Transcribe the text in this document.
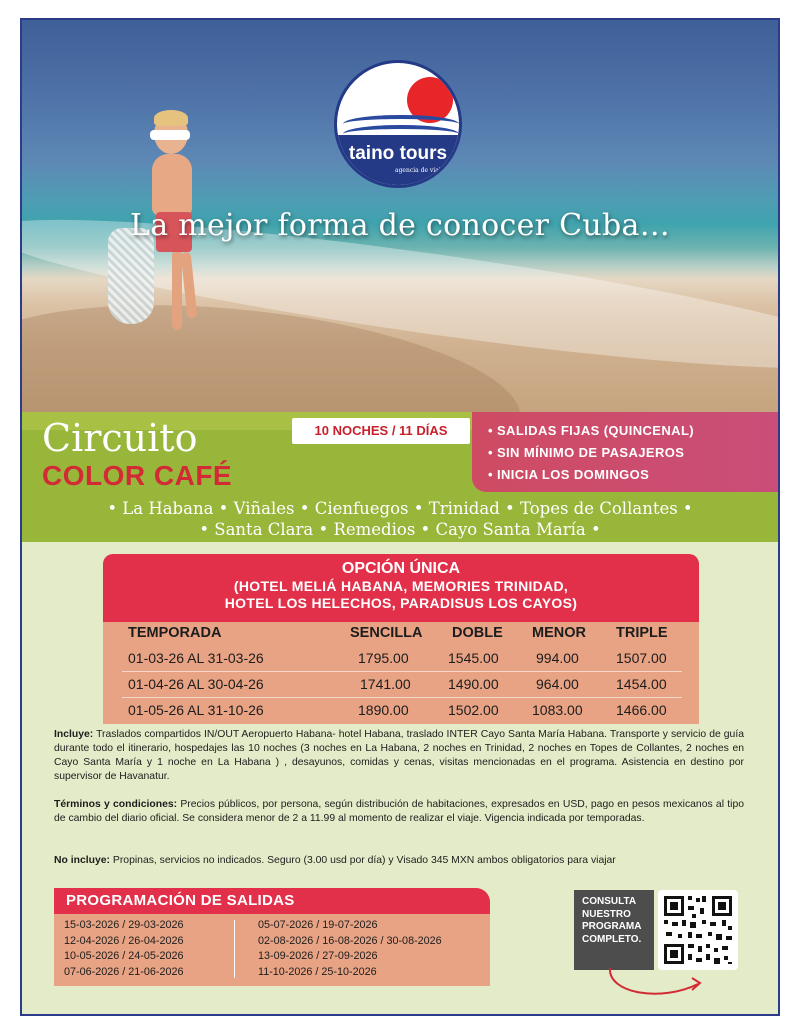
taino tours
agencia de viajes
La mejor forma de conocer Cuba…
Circuito
COLOR CAFÉ
10 NOCHES / 11 DÍAS	• SALIDAS FIJAS (QUINCENAL)
• SIN MÍNIMO DE PASAJEROS
• INICIA LOS DOMINGOS
• La Habana • Viñales • Cienfuegos • Trinidad • Topes de Collantes •
• Santa Clara • Remedios • Cayo Santa María •
OPCIÓN ÚNICA
(HOTEL MELIÁ HABANA, MEMORIES TRINIDAD,
HOTEL LOS HELECHOS, PARADISUS LOS CAYOS)
TEMPORADA	SENCILLA DOBLE MENOR TRIPLE
01-03-26 AL 31-03-26	1795.00	1545.00	994.00	1507.00
01-04-26 AL 30-04-26	1741.00	1490.00	964.00	1454.00
01-05-26 AL 31-10-26	1890.00	1502.00 1083.00 1466.00
Incluye: Traslados compartidos IN/OUT Aeropuerto Habana- hotel Habana, traslado INTER Cayo Santa María Habana. Transporte y servicio de guía durante todo el itinerario, hospedajes las 10 noches (3 noches en La Habana, 2 noches en Trinidad, 2 noches en Topes de Collantes, 2 noches en Cayo Santa María y 1 noche en La Habana ) , desayunos, comidas y cenas, visitas mencionadas en el programa. Asistencia en destino por supervisor de Havanatur.
Términos y condiciones: Precios públicos, por persona, según distribución de habitaciones, expresados en USD, pago en pesos mexicanos al tipo de cambio del diario oficial. Se considera menor de 2 a 11.99 al momento de realizar el viaje. Vigencia indicada por temporadas.
No incluye: Propinas, servicios no indicados. Seguro (3.00 usd por día) y Visado 345 MXN ambos obligatorios para viajar
PROGRAMACIÓN DE SALIDAS
15-03-2026 / 29-03-2026
12-04-2026 / 26-04-2026
10-05-2026 / 24-05-2026
07-06-2026 / 21-06-2026
05-07-2026 / 19-07-2026
02-08-2026 / 16-08-2026 / 30-08-2026
13-09-2026 / 27-09-2026
11-10-2026 / 25-10-2026
CONSULTA
NUESTRO
PROGRAMA
COMPLETO.
